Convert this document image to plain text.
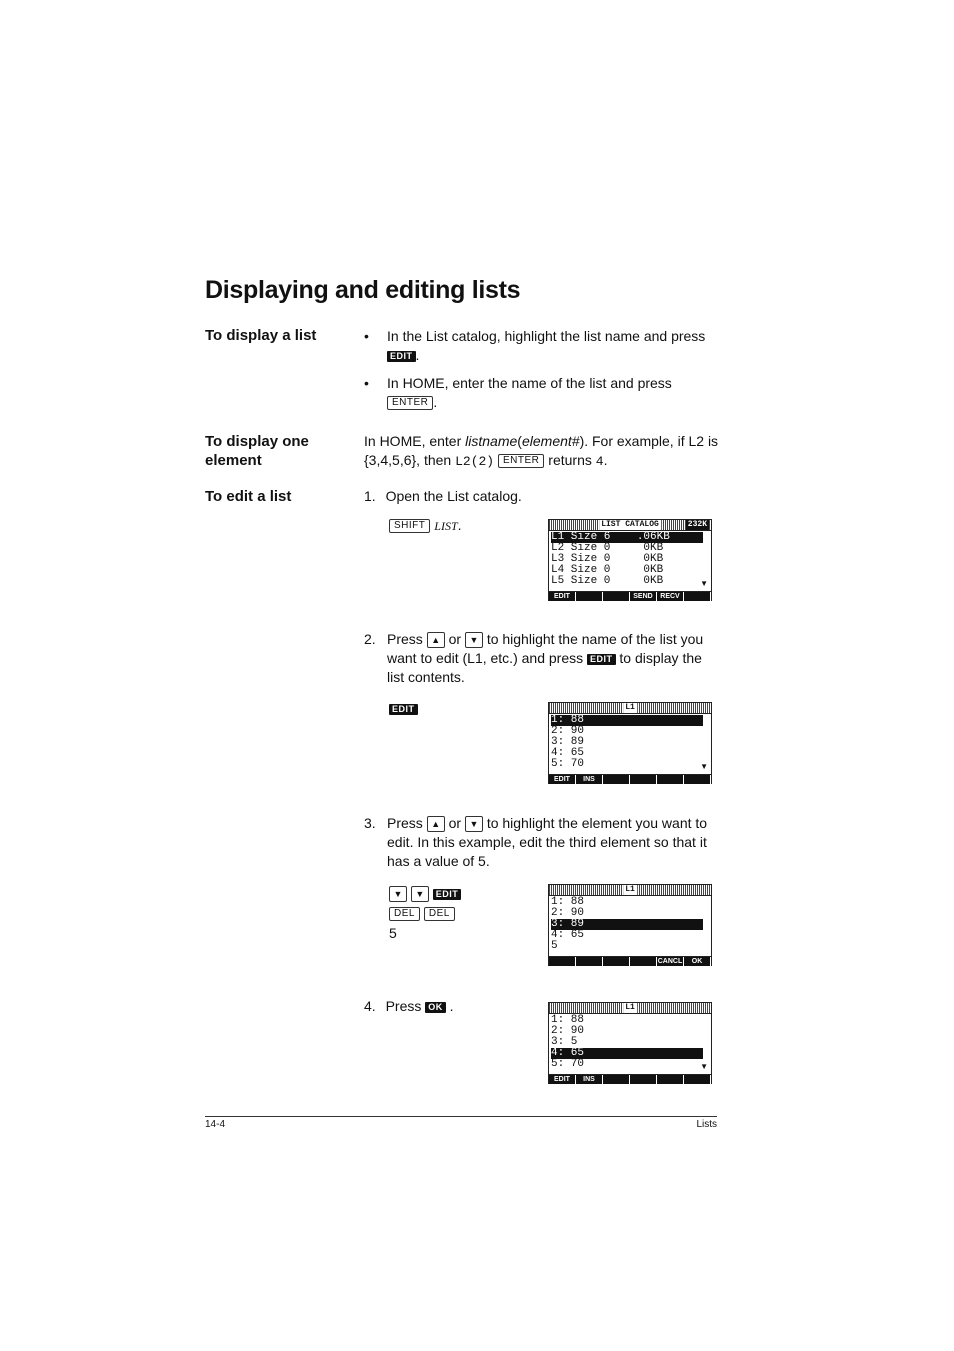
Displaying and editing lists
To display a list	• In the List catalog, highlight the list name and press
EDIT .
• In HOME, enter the name of the list and press
ENTER .
To display one element
In HOME, enter listname(element#). For example, if L2 is
{3,4,5,6}, then L2(2) ENTER returns 4.
To edit a list	1. Open the List catalog.
SHIFT LIST.	LIST CATALOG	232K
L1 Size 6    .06KB
L2 Size 0     0KB
L3 Size 0     0KB
L4 Size 0     0KB
L5 Size 0     0KB	▼
EDIT	SEND	RECV
2. Press ▲ or ▼ to highlight the name of the list you
want to edit (L1, etc.) and press EDIT to display the
list contents.
EDIT	L1
1: 88
2: 90
3: 89
4: 65
5: 70	▼
EDIT	INS
3. Press ▲ or ▼ to highlight the element you want to
edit. In this example, edit the third element so that it
has a value of 5.
▼ ▼ EDIT
DEL DEL
5
L1
1: 88
2: 90
3: 89
4: 65
5
CANCL	OK
4. Press OK .	L1
1: 88
2: 90
3: 5
4: 65
5: 70	▼
EDIT	INS
14-4	Lists
